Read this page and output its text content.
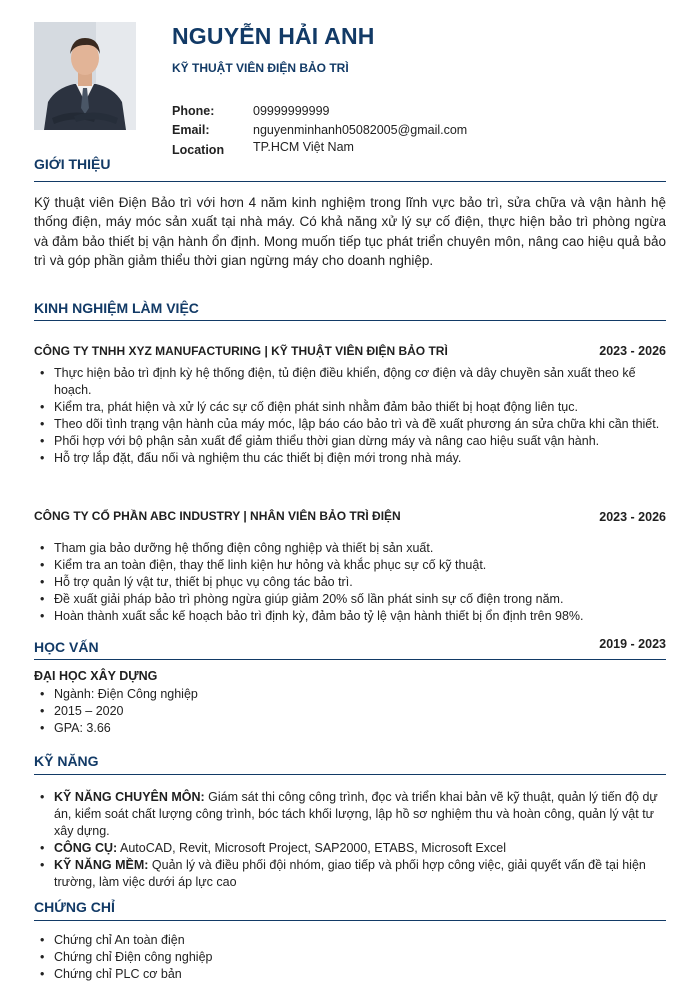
NGUYỄN HẢI ANH
KỸ THUẬT VIÊN ĐIỆN BẢO TRÌ
Phone:	09999999999
Email:	nguyenminhanh05082005@gmail.com
Location	TP.HCM Việt Nam
GIỚI THIỆU

Kỹ thuật viên Điện Bảo trì với hơn 4 năm kinh nghiệm trong lĩnh vực bảo trì, sửa chữa và vận hành hệ thống điện, máy móc sản xuất tại nhà máy. Có khả năng xử lý sự cố điện, thực hiện bảo trì phòng ngừa và đảm bảo thiết bị vận hành ổn định. Mong muốn tiếp tục phát triển chuyên môn, nâng cao hiệu quả bảo trì và góp phần giảm thiểu thời gian ngừng máy cho doanh nghiệp.

KINH NGHIỆM LÀM VIỆC
CÔNG TY TNHH XYZ MANUFACTURING | KỸ THUẬT VIÊN ĐIỆN BẢO TRÌ	2023 - 2026
• Thực hiện bảo trì định kỳ hệ thống điện, tủ điện điều khiển, động cơ điện và dây chuyền sản xuất theo kế hoạch.
• Kiểm tra, phát hiện và xử lý các sự cố điện phát sinh nhằm đảm bảo thiết bị hoạt động liên tục.
• Theo dõi tình trạng vận hành của máy móc, lập báo cáo bảo trì và đề xuất phương án sửa chữa khi cần thiết.
• Phối hợp với bộ phận sản xuất để giảm thiểu thời gian dừng máy và nâng cao hiệu suất vận hành.
• Hỗ trợ lắp đặt, đấu nối và nghiệm thu các thiết bị điện mới trong nhà máy.
CÔNG TY CỔ PHẦN ABC INDUSTRY | NHÂN VIÊN BẢO TRÌ ĐIỆN	2023 - 2026
• Tham gia bảo dưỡng hệ thống điện công nghiệp và thiết bị sản xuất.
• Kiểm tra an toàn điện, thay thế linh kiện hư hỏng và khắc phục sự cố kỹ thuật.
• Hỗ trợ quản lý vật tư, thiết bị phục vụ công tác bảo trì.
• Đề xuất giải pháp bảo trì phòng ngừa giúp giảm 20% số lần phát sinh sự cố điện trong năm.
• Hoàn thành xuất sắc kế hoạch bảo trì định kỳ, đảm bảo tỷ lệ vận hành thiết bị ổn định trên 98%.
HỌC VẤN	2019 - 2023
ĐẠI HỌC XÂY DỰNG
• Ngành: Điện Công nghiệp
• 2015 – 2020
• GPA: 3.66
KỸ NĂNG
• KỸ NĂNG CHUYÊN MÔN: Giám sát thi công công trình, đọc và triển khai bản vẽ kỹ thuật, quản lý tiến độ dự án, kiểm soát chất lượng công trình, bóc tách khối lượng, lập hồ sơ nghiệm thu và hoàn công, quản lý vật tư xây dựng.
• CÔNG CỤ: AutoCAD, Revit, Microsoft Project, SAP2000, ETABS, Microsoft Excel
• KỸ NĂNG MỀM: Quản lý và điều phối đội nhóm, giao tiếp và phối hợp công việc, giải quyết vấn đề tại hiện trường, làm việc dưới áp lực cao
CHỨNG CHỈ
• Chứng chỉ An toàn điện
• Chứng chỉ Điện công nghiệp
• Chứng chỉ PLC cơ bản
